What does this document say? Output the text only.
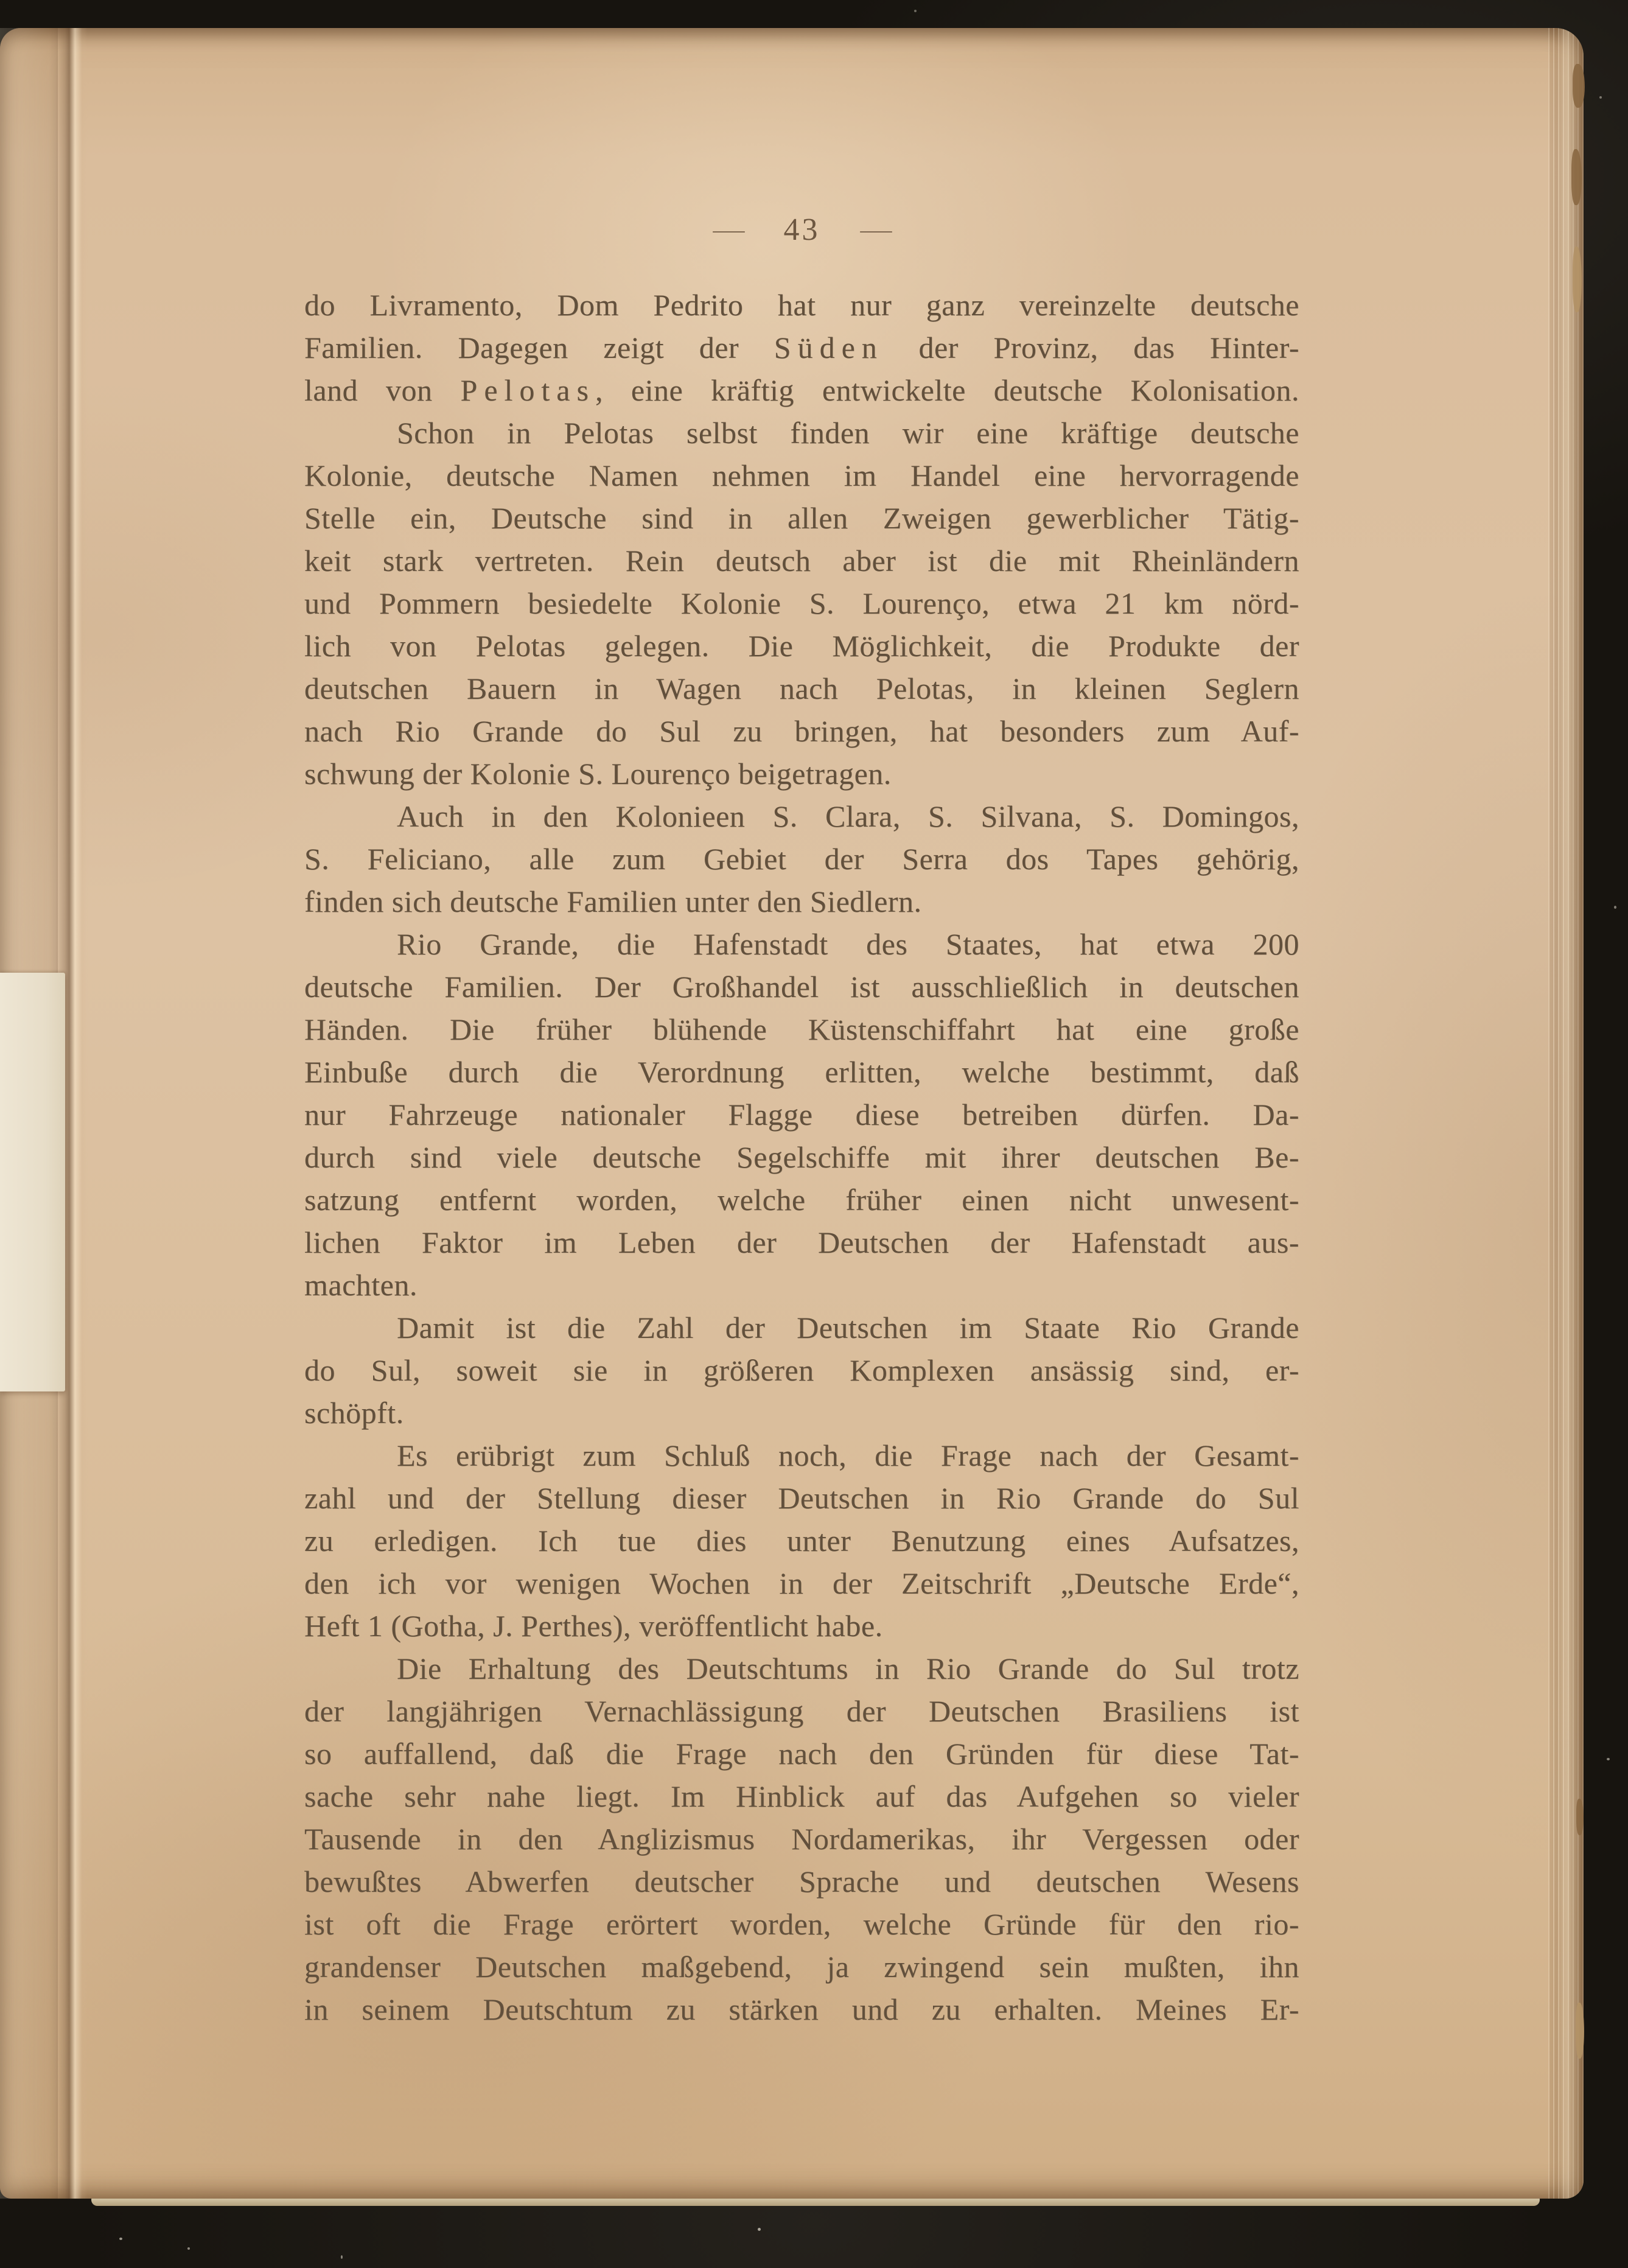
— 43 —
do Livramento, Dom Pedrito hat nur ganz vereinzelte deutsche
Familien. Dagegen zeigt der Süden der Provinz, das Hinter-
land von Pelotas, eine kräftig entwickelte deutsche Kolonisation.
Schon in Pelotas selbst finden wir eine kräftige deutsche
Kolonie, deutsche Namen nehmen im Handel eine hervorragende
Stelle ein, Deutsche sind in allen Zweigen gewerblicher Tätig-
keit stark vertreten. Rein deutsch aber ist die mit Rheinländern
und Pommern besiedelte Kolonie S. Lourenço, etwa 21 km nörd-
lich von Pelotas gelegen. Die Möglichkeit, die Produkte der
deutschen Bauern in Wagen nach Pelotas, in kleinen Seglern
nach Rio Grande do Sul zu bringen, hat besonders zum Auf-
schwung der Kolonie S. Lourenço beigetragen.
Auch in den Kolonieen S. Clara, S. Silvana, S. Domingos,
S. Feliciano, alle zum Gebiet der Serra dos Tapes gehörig,
finden sich deutsche Familien unter den Siedlern.
Rio Grande, die Hafenstadt des Staates, hat etwa 200
deutsche Familien. Der Großhandel ist ausschließlich in deutschen
Händen. Die früher blühende Küstenschiffahrt hat eine große
Einbuße durch die Verordnung erlitten, welche bestimmt, daß
nur Fahrzeuge nationaler Flagge diese betreiben dürfen. Da-
durch sind viele deutsche Segelschiffe mit ihrer deutschen Be-
satzung entfernt worden, welche früher einen nicht unwesent-
lichen Faktor im Leben der Deutschen der Hafenstadt aus-
machten.
Damit ist die Zahl der Deutschen im Staate Rio Grande
do Sul, soweit sie in größeren Komplexen ansässig sind, er-
schöpft.
Es erübrigt zum Schluß noch, die Frage nach der Gesamt-
zahl und der Stellung dieser Deutschen in Rio Grande do Sul
zu erledigen. Ich tue dies unter Benutzung eines Aufsatzes,
den ich vor wenigen Wochen in der Zeitschrift „Deutsche Erde“,
Heft 1 (Gotha, J. Perthes), veröffentlicht habe.
Die Erhaltung des Deutschtums in Rio Grande do Sul trotz
der langjährigen Vernachlässigung der Deutschen Brasiliens ist
so auffallend, daß die Frage nach den Gründen für diese Tat-
sache sehr nahe liegt. Im Hinblick auf das Aufgehen so vieler
Tausende in den Anglizismus Nordamerikas, ihr Vergessen oder
bewußtes Abwerfen deutscher Sprache und deutschen Wesens
ist oft die Frage erörtert worden, welche Gründe für den rio-
grandenser Deutschen maßgebend, ja zwingend sein mußten, ihn
in seinem Deutschtum zu stärken und zu erhalten. Meines Er-
